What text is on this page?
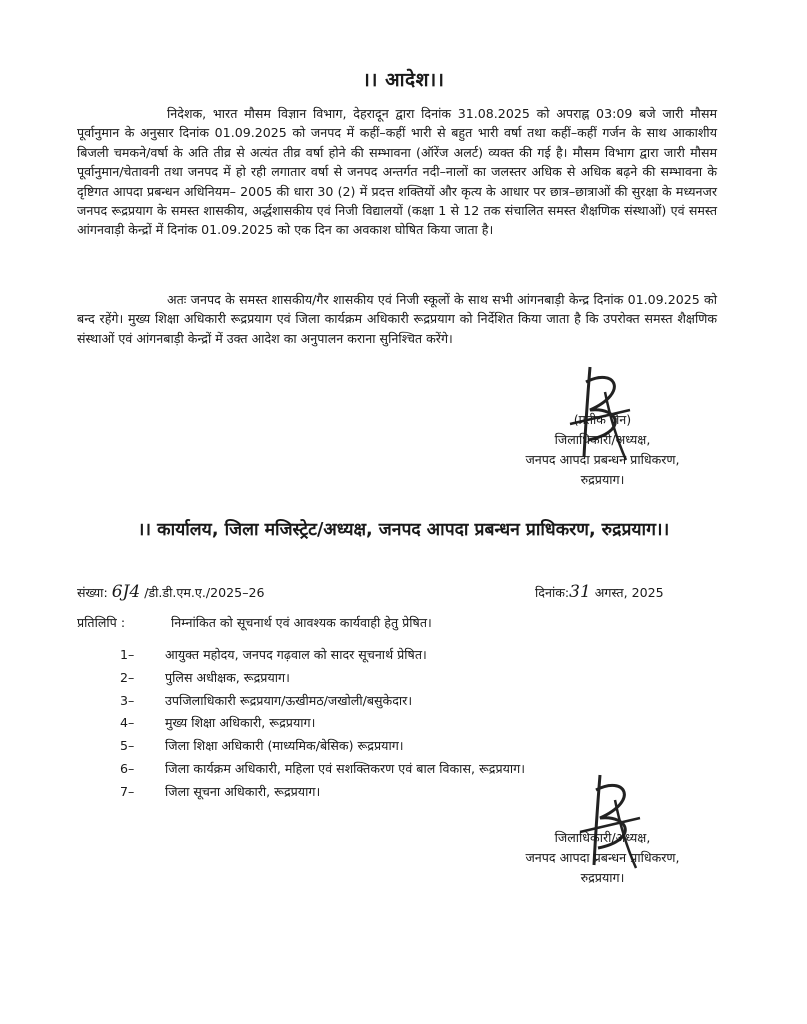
।। आदेश।।
निदेशक, भारत मौसम विज्ञान विभाग, देहरादून द्वारा दिनांक 31.08.2025 को अपराह्न 03:09 बजे जारी मौसम पूर्वानुमान के अनुसार दिनांक 01.09.2025 को जनपद में कहीं–कहीं भारी से बहुत भारी वर्षा तथा कहीं–कहीं गर्जन के साथ आकाशीय बिजली चमकने/वर्षा के अति तीव्र से अत्यंत तीव्र वर्षा होने की सम्भावना (ऑरेंज अलर्ट) व्यक्त की गई है। मौसम विभाग द्वारा जारी मौसम पूर्वानुमान/चेतावनी तथा जनपद में हो रही लगातार वर्षा से जनपद अन्तर्गत नदी–नालों का जलस्तर अधिक से अधिक बढ़ने की सम्भावना के दृष्टिगत आपदा प्रबन्धन अधिनियम– 2005 की धारा 30 (2) में प्रदत्त शक्तियों और कृत्य के आधार पर छात्र–छात्राओं की सुरक्षा के मध्यनजर जनपद रूद्रप्रयाग के समस्त शासकीय, अर्द्धशासकीय एवं निजी विद्यालयों (कक्षा 1 से 12 तक संचालित समस्त शैक्षणिक संस्थाओं) एवं समस्त आंगनवाड़ी केन्द्रों में दिनांक 01.09.2025 को एक दिन का अवकाश घोषित किया जाता है।
अतः जनपद के समस्त शासकीय/गैर शासकीय एवं निजी स्कूलों के साथ सभी आंगनबाड़ी केन्द्र दिनांक 01.09.2025 को बन्द रहेंगे। मुख्य शिक्षा अधिकारी रूद्रप्रयाग एवं जिला कार्यक्रम अधिकारी रूद्रप्रयाग को निर्देशित किया जाता है कि उपरोक्त समस्त शैक्षणिक संस्थाओं एवं आंगनबाड़ी केन्द्रों में उक्त आदेश का अनुपालन कराना सुनिश्चित करेंगे।
(प्रतीक जैन)
जिलाधिकारी/अध्यक्ष,
जनपद आपदा प्रबन्धन प्राधिकरण,
रुद्रप्रयाग।
।। कार्यालय, जिला मजिस्ट्रेट/अध्यक्ष, जनपद आपदा प्रबन्धन प्राधिकरण, रुद्रप्रयाग।।
संख्या: 6J4 /डी.डी.एम.ए./2025–26	दिनांक:31 अगस्त, 2025
प्रतिलिपि :	निम्नांकित को सूचनार्थ एवं आवश्यक कार्यवाही हेतु प्रेषित।
1– आयुक्त महोदय, जनपद गढ़वाल को सादर सूचनार्थ प्रेषित।
2– पुलिस अधीक्षक, रूद्रप्रयाग।
3– उपजिलाधिकारी रूद्रप्रयाग/ऊखीमठ/जखोली/बसुकेदार।
4– मुख्य शिक्षा अधिकारी, रूद्रप्रयाग।
5– जिला शिक्षा अधिकारी (माध्यमिक/बेसिक) रूद्रप्रयाग।
6– जिला कार्यक्रम अधिकारी, महिला एवं सशक्तिकरण एवं बाल विकास, रूद्रप्रयाग।
7– जिला सूचना अधिकारी, रूद्रप्रयाग।
जिलाधिकारी/अध्यक्ष,
जनपद आपदा प्रबन्धन प्राधिकरण,
रुद्रप्रयाग।
